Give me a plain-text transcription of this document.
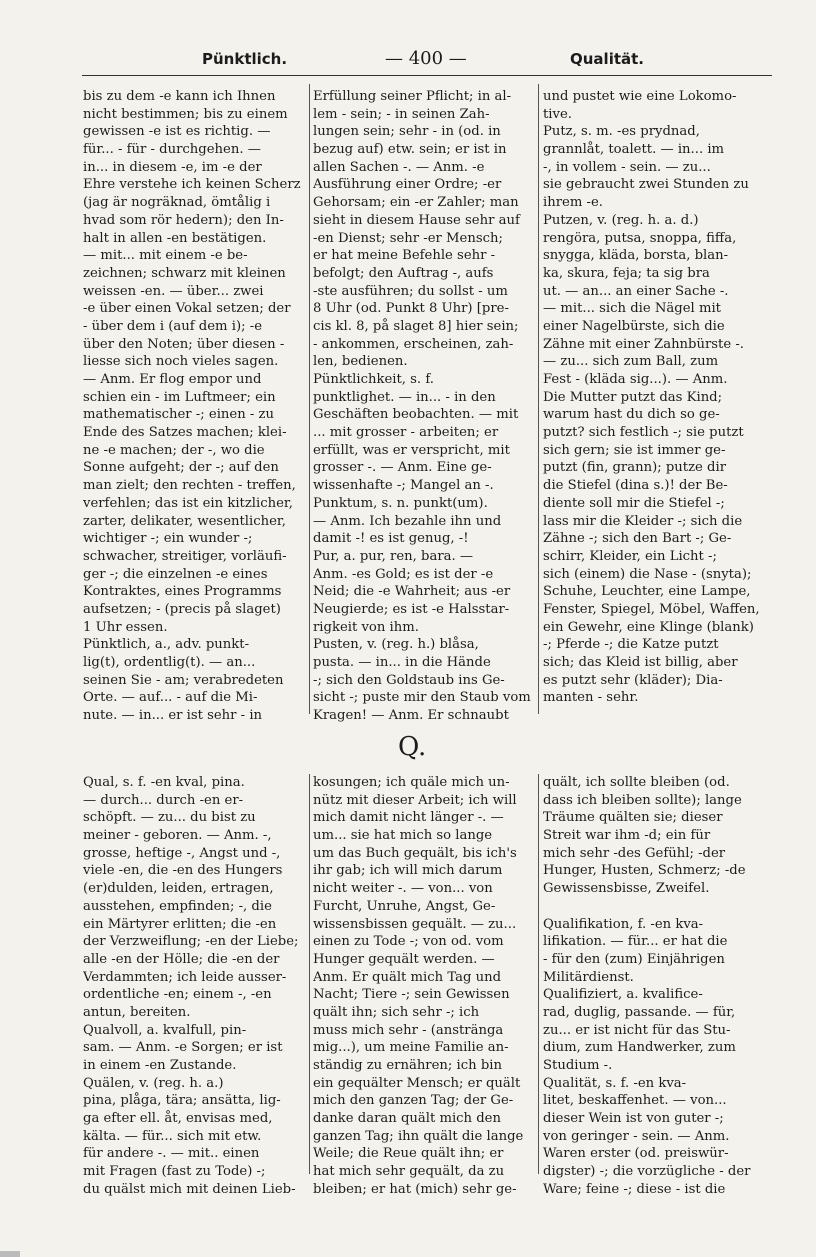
Pünktlich.	— 400 —	Qualität.
bis zu dem -e kann ich Ihnen
nicht bestimmen; bis zu einem
gewissen -e ist es richtig. —
für... - für - durchgehen. —
in... in diesem -e, im -e der
Ehre verstehe ich keinen Scherz
(jag är nogräknad, ömtålig i
hvad som rör hedern); den In-
halt in allen -en bestätigen.
— mit... mit einem -e be-
zeichnen; schwarz mit kleinen
weissen -en. — über... zwei
-e über einen Vokal setzen; der
- über dem i (auf dem i); -e
über den Noten; über diesen -
liesse sich noch vieles sagen.
— Anm. Er flog empor und
schien ein - im Luftmeer; ein
mathematischer -; einen - zu
Ende des Satzes machen; klei-
ne -e machen; der -, wo die
Sonne aufgeht; der -; auf den
man zielt; den rechten - treffen,
verfehlen; das ist ein kitzlicher,
zarter, delikater, wesentlicher,
wichtiger -; ein wunder -;
schwacher, streitiger, vorläufi-
ger -; die einzelnen -e eines
Kontraktes, eines Programms
aufsetzen; - (precis på slaget)
1 Uhr essen.
Pünktlich, a., adv. punkt-
lig(t), ordentlig(t). — an...
seinen Sie - am; verabredeten
Orte. — auf... - auf die Mi-
nute. — in... er ist sehr - in
Erfüllung seiner Pflicht; in al-
lem - sein; - in seinen Zah-
lungen sein; sehr - in (od. in
bezug auf) etw. sein; er ist in
allen Sachen -. — Anm. -e
Ausführung einer Ordre; -er
Gehorsam; ein -er Zahler; man
sieht in diesem Hause sehr auf
-en Dienst; sehr -er Mensch;
er hat meine Befehle sehr -
befolgt; den Auftrag -, aufs
-ste ausführen; du sollst - um
8 Uhr (od. Punkt 8 Uhr) [pre-
cis kl. 8, på slaget 8] hier sein;
- ankommen, erscheinen, zah-
len, bedienen.
Pünktlichkeit, s. f.
punktlighet. — in... - in den
Geschäften beobachten. — mit
... mit grosser - arbeiten; er
erfüllt, was er verspricht, mit
grosser -. — Anm. Eine ge-
wissenhafte -; Mangel an -.
Punktum, s. n. punkt(um).
— Anm. Ich bezahle ihn und
damit -! es ist genug, -!
Pur, a. pur, ren, bara. —
Anm. -es Gold; es ist der -e
Neid; die -e Wahrheit; aus -er
Neugierde; es ist -e Halsstar-
rigkeit von ihm.
Pusten, v. (reg. h.) blåsa,
pusta. — in... in die Hände
-; sich den Goldstaub ins Ge-
sicht -; puste mir den Staub vom
Kragen! — Anm. Er schnaubt
und pustet wie eine Lokomo-
tive.
Putz, s. m. -es prydnad,
grannlåt, toalett. — in... im
-, in vollem - sein. — zu...
sie gebraucht zwei Stunden zu
ihrem -e.
Putzen, v. (reg. h. a. d.)
rengöra, putsa, snoppa, fiffa,
snygga, kläda, borsta, blan-
ka, skura, feja; ta sig bra
ut. — an... an einer Sache -.
— mit... sich die Nägel mit
einer Nagelbürste, sich die
Zähne mit einer Zahnbürste -.
— zu... sich zum Ball, zum
Fest - (kläda sig...). — Anm.
Die Mutter putzt das Kind;
warum hast du dich so ge-
putzt? sich festlich -; sie putzt
sich gern; sie ist immer ge-
putzt (fin, grann); putze dir
die Stiefel (dina s.)! der Be-
diente soll mir die Stiefel -;
lass mir die Kleider -; sich die
Zähne -; sich den Bart -; Ge-
schirr, Kleider, ein Licht -;
sich (einem) die Nase - (snyta);
Schuhe, Leuchter, eine Lampe,
Fenster, Spiegel, Möbel, Waffen,
ein Gewehr, eine Klinge (blank)
-; Pferde -; die Katze putzt
sich; das Kleid ist billig, aber
es putzt sehr (kläder); Dia-
manten - sehr.
Q.
Qual, s. f. -en kval, pina.
— durch... durch -en er-
schöpft. — zu... du bist zu
meiner - geboren. — Anm. -,
grosse, heftige -, Angst und -,
viele -en, die -en des Hungers
(er)dulden, leiden, ertragen,
ausstehen, empfinden; -, die
ein Märtyrer erlitten; die -en
der Verzweiflung; -en der Liebe;
alle -en der Hölle; die -en der
Verdammten; ich leide ausser-
ordentliche -en; einem -, -en
antun, bereiten.
Qualvoll, a. kvalfull, pin-
sam. — Anm. -e Sorgen; er ist
in einem -en Zustande.
Quälen, v. (reg. h. a.)
pina, plåga, tära; ansätta, lig-
ga efter ell. åt, envisas med,
kälta. — für... sich mit etw.
für andere -. — mit.. einen
mit Fragen (fast zu Tode) -;
du quälst mich mit deinen Lieb-
kosungen; ich quäle mich un-
nütz mit dieser Arbeit; ich will
mich damit nicht länger -. —
um... sie hat mich so lange
um das Buch gequält, bis ich's
ihr gab; ich will mich darum
nicht weiter -. — von... von
Furcht, Unruhe, Angst, Ge-
wissensbissen gequält. — zu...
einen zu Tode -; von od. vom
Hunger gequält werden. —
Anm. Er quält mich Tag und
Nacht; Tiere -; sein Gewissen
quält ihn; sich sehr -; ich
muss mich sehr - (anstränga
mig...), um meine Familie an-
ständig zu ernähren; ich bin
ein gequälter Mensch; er quält
mich den ganzen Tag; der Ge-
danke daran quält mich den
ganzen Tag; ihn quält die lange
Weile; die Reue quält ihn; er
hat mich sehr gequält, da zu
bleiben; er hat (mich) sehr ge-
quält, ich sollte bleiben (od.
dass ich bleiben sollte); lange
Träume quälten sie; dieser
Streit war ihm -d; ein für
mich sehr -des Gefühl; -der
Hunger, Husten, Schmerz; -de
Gewissensbisse, Zweifel.
Qualifikation, f. -en kva-
lifikation. — für... er hat die
- für den (zum) Einjährigen
Militärdienst.
Qualifiziert, a. kvalifice-
rad, duglig, passande. — für,
zu... er ist nicht für das Stu-
dium, zum Handwerker, zum
Studium -.
Qualität, s. f. -en kva-
litet, beskaffenhet. — von...
dieser Wein ist von guter -;
von geringer - sein. — Anm.
Waren erster (od. preiswür-
digster) -; die vorzügliche - der
Ware; feine -; diese - ist die
